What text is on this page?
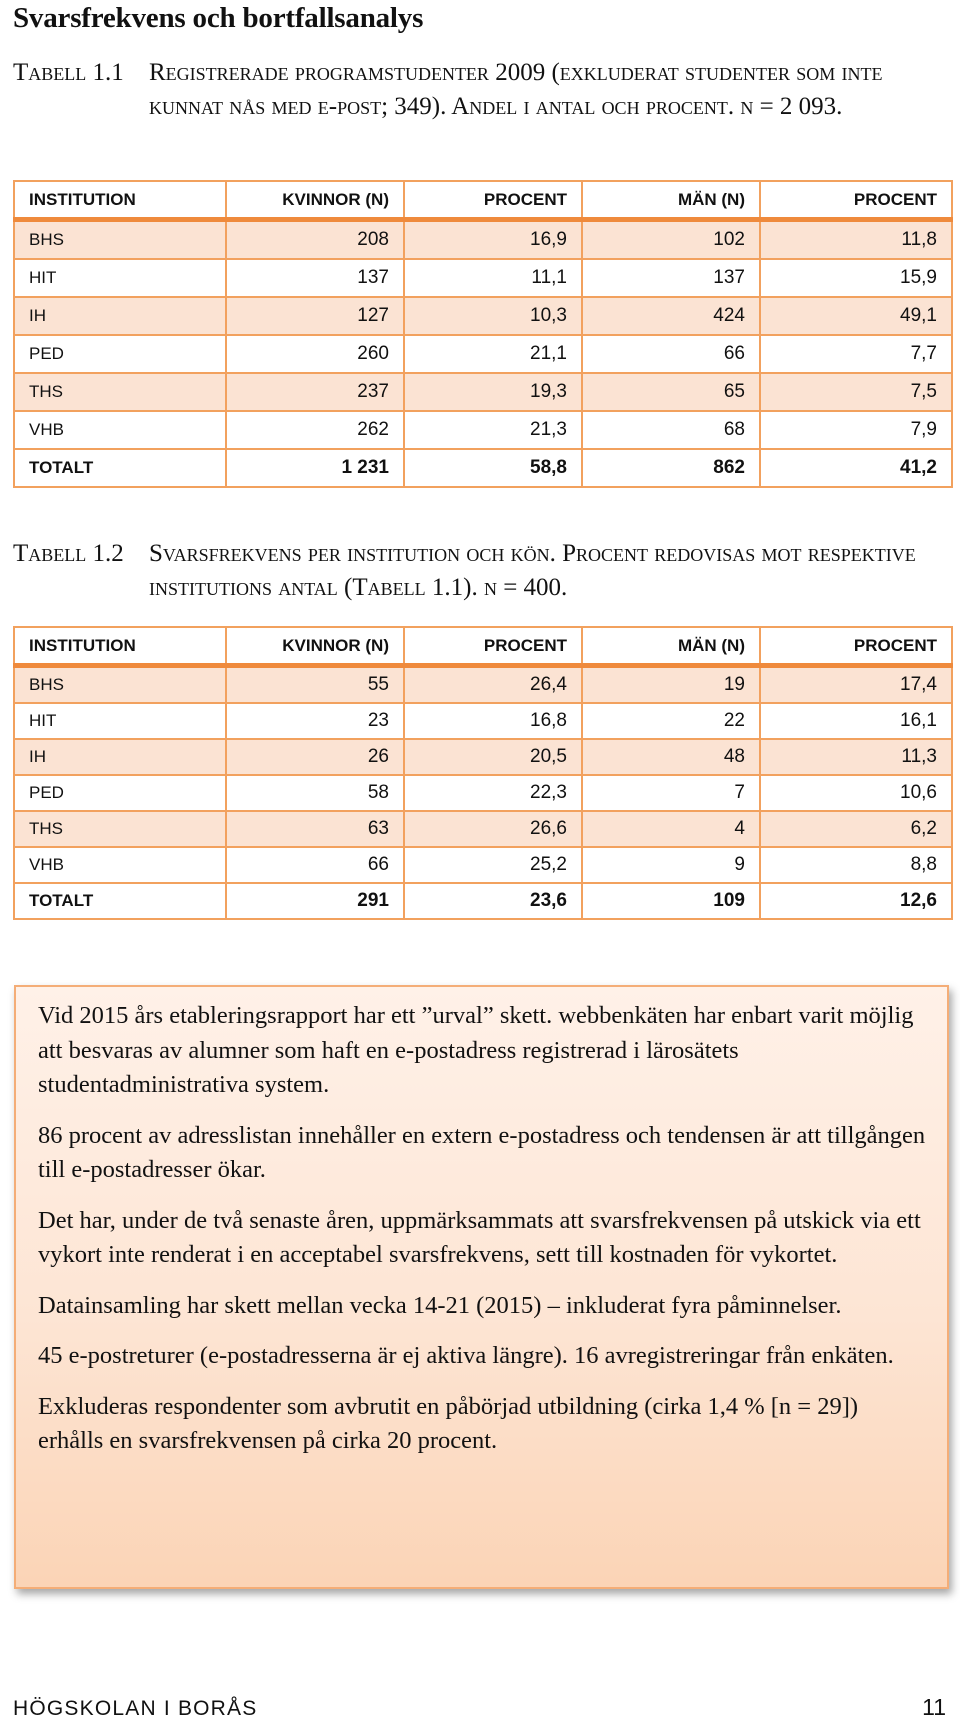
Svarsfrekvens och bortfallsanalys
Tabell 1.1	Registrerade programstudenter 2009 (exkluderat studenter som inte kunnat nås med e-post; 349). Andel i antal och procent. n = 2 093.
INSTITUTION	KVINNOR (N)	PROCENT	MÄN (N)	PROCENT
BHS	208	16,9	102	11,8
HIT	137	11,1	137	15,9
IH	127	10,3	424	49,1
PED	260	21,1	66	7,7
THS	237	19,3	65	7,5
VHB	262	21,3	68	7,9
TOTALT	1 231	58,8	862	41,2
Tabell 1.2	Svarsfrekvens per institution och kön. Procent redovisas mot respektive institutions antal (Tabell 1.1). n = 400.
INSTITUTION	KVINNOR (N)	PROCENT	MÄN (N)	PROCENT
BHS	55	26,4	19	17,4
HIT	23	16,8	22	16,1
IH	26	20,5	48	11,3
PED	58	22,3	7	10,6
THS	63	26,6	4	6,2
VHB	66	25,2	9	8,8
TOTALT	291	23,6	109	12,6

Vid 2015 års etableringsrapport har ett ”urval” skett. webbenkäten har enbart varit möjlig att besvaras av alumner som haft en e-postadress registrerad i lärosätets studentadministrativa system.

86 procent av adresslistan innehåller en extern e-postadress och tendensen är att tillgången till e-postadresser ökar.

Det har, under de två senaste åren, uppmärksammats att svarsfrekvensen på utskick via ett vykort inte renderat i en acceptabel svarsfrekvens, sett till kostnaden för vykortet.

Datainsamling har skett mellan vecka 14-21 (2015) – inkluderat fyra påminnelser.

45 e-postreturer (e-postadresserna är ej aktiva längre). 16 avregistreringar från enkäten.

Exkluderas respondenter som avbrutit en påbörjad utbildning (cirka 1,4 % [n = 29]) erhålls en svarsfrekvensen på cirka 20 procent.

HÖGSKOLAN I BORÅS	11
